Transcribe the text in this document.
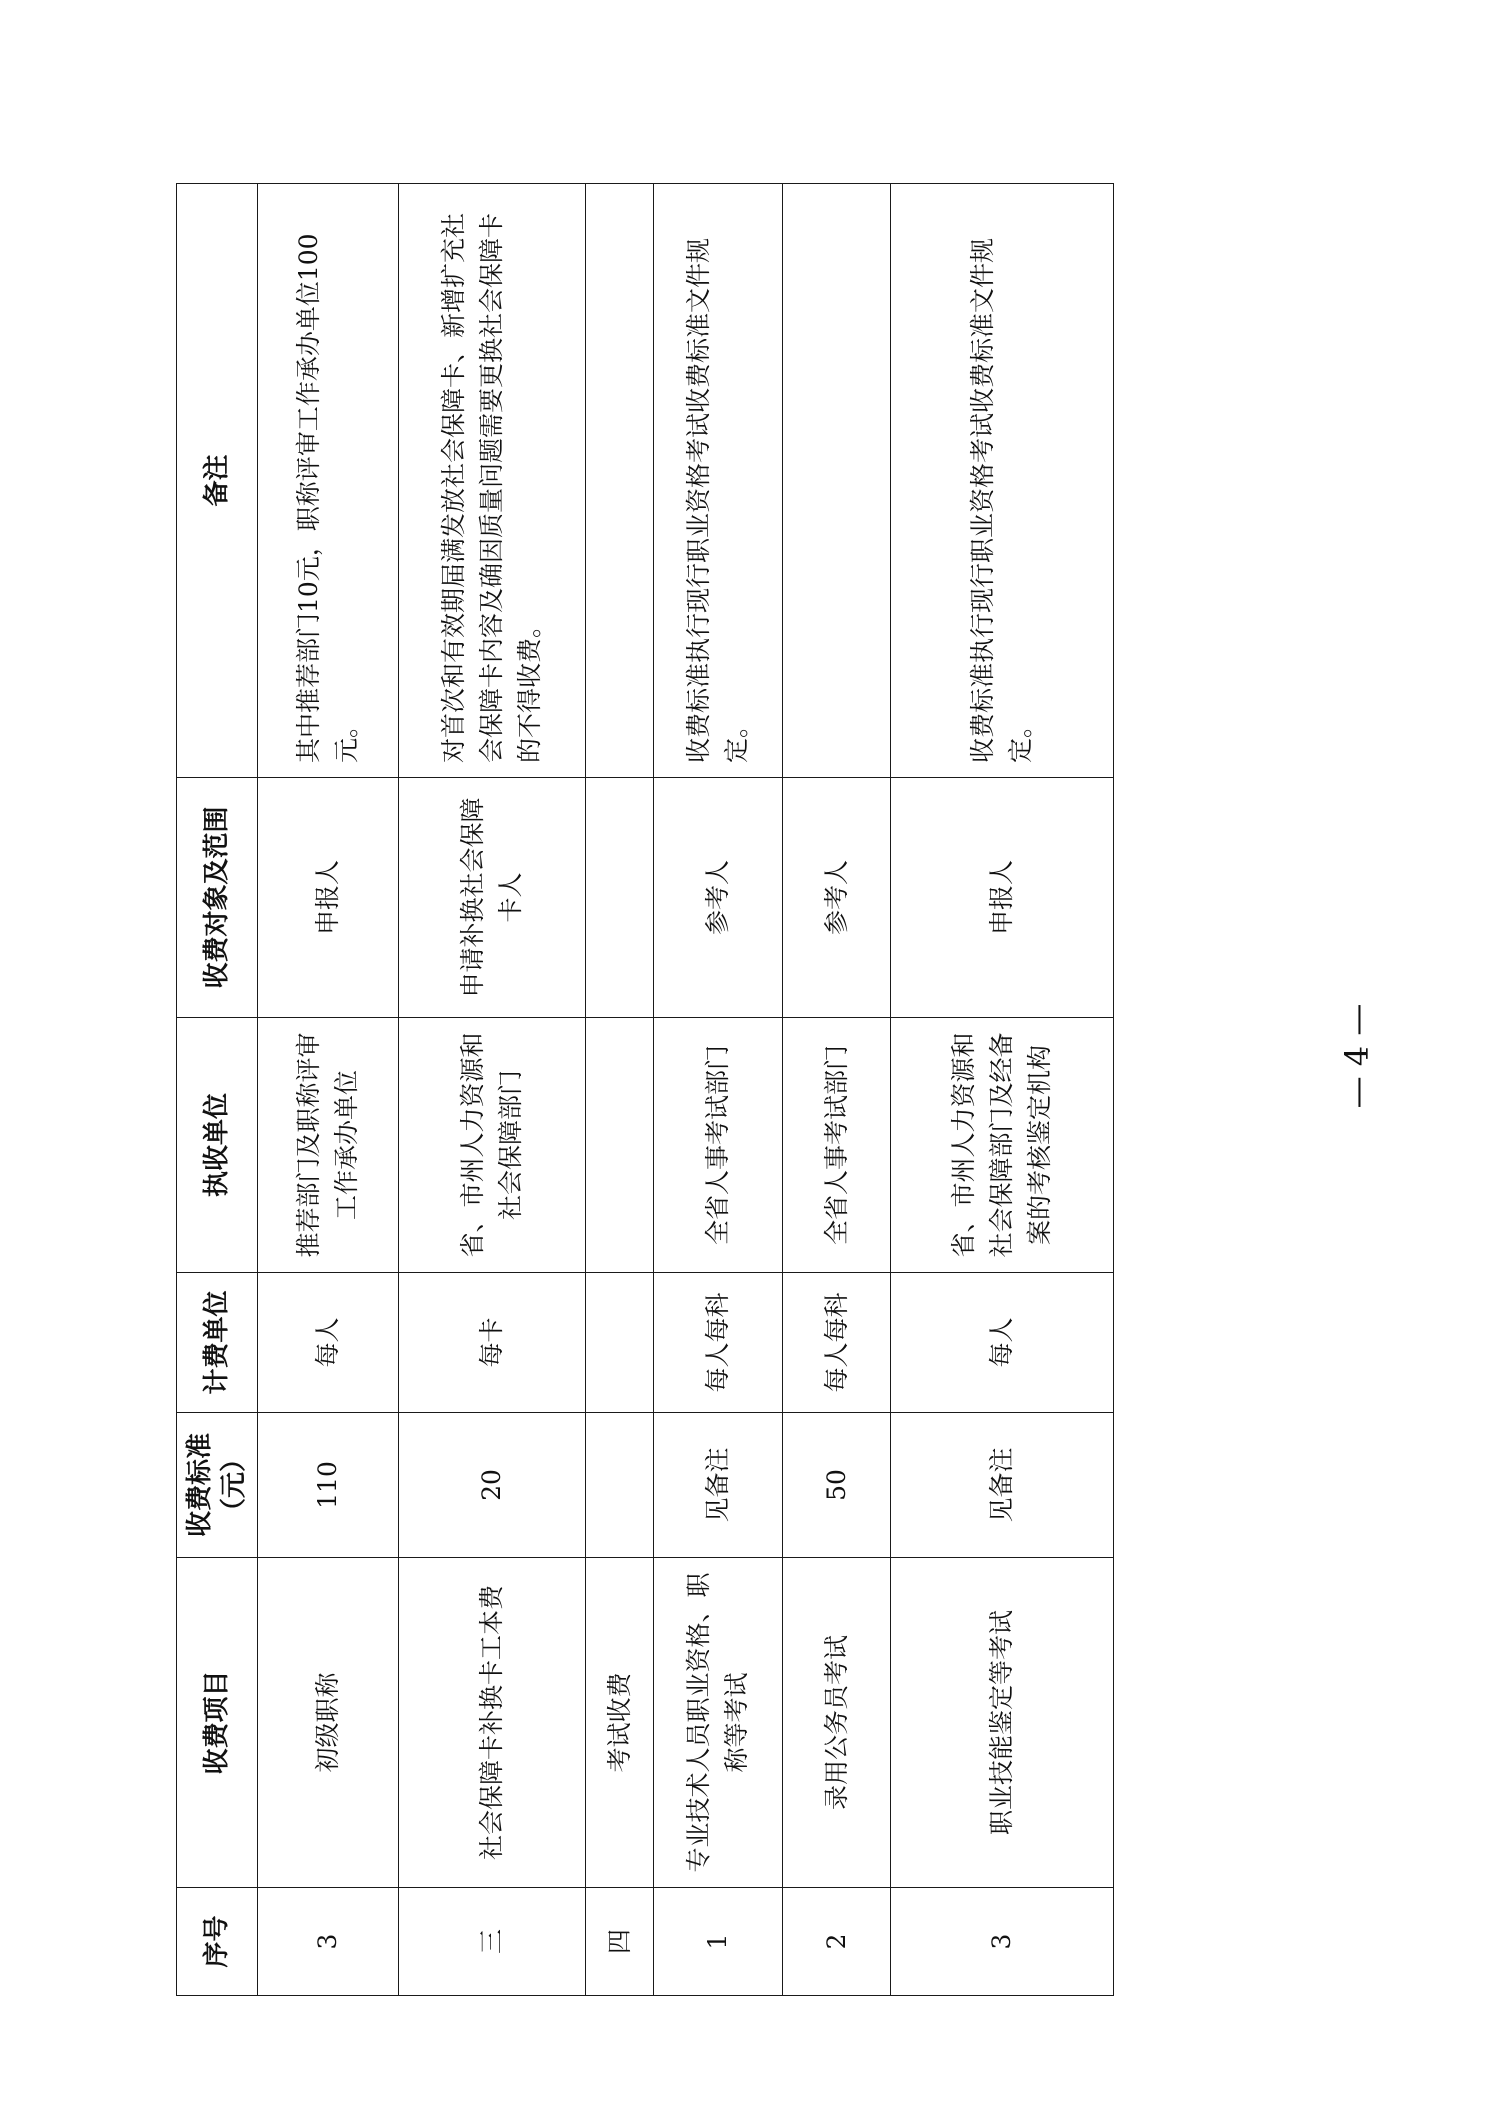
序号	收费项目	收费标准（元）	计费单位	执收单位	收费对象及范围	备注
3	初级职称	110	每人	推荐部门及职称评审工作承办单位	申报人	其中推荐部门10元，职称评审工作承办单位100元。
三	社会保障卡补换卡工本费	20	每卡	省、市州人力资源和社会保障部门	申请补换社会保障卡人	对首次和有效期届满发放社会保障卡、新增扩充社会保障卡内容及确因质量问题需要更换社会保障卡的不得收费。
四	考试收费					
1	专业技术人员职业资格、职称等考试	见备注	每人每科	全省人事考试部门	参考人	收费标准执行现行职业资格考试收费标准文件规定。
2	录用公务员考试	50	每人每科	全省人事考试部门	参考人	
3	职业技能鉴定等考试	见备注	每人	省、市州人力资源和社会保障部门及经备案的考核鉴定机构	申报人	收费标准执行现行职业资格考试收费标准文件规定。
— 4 —
